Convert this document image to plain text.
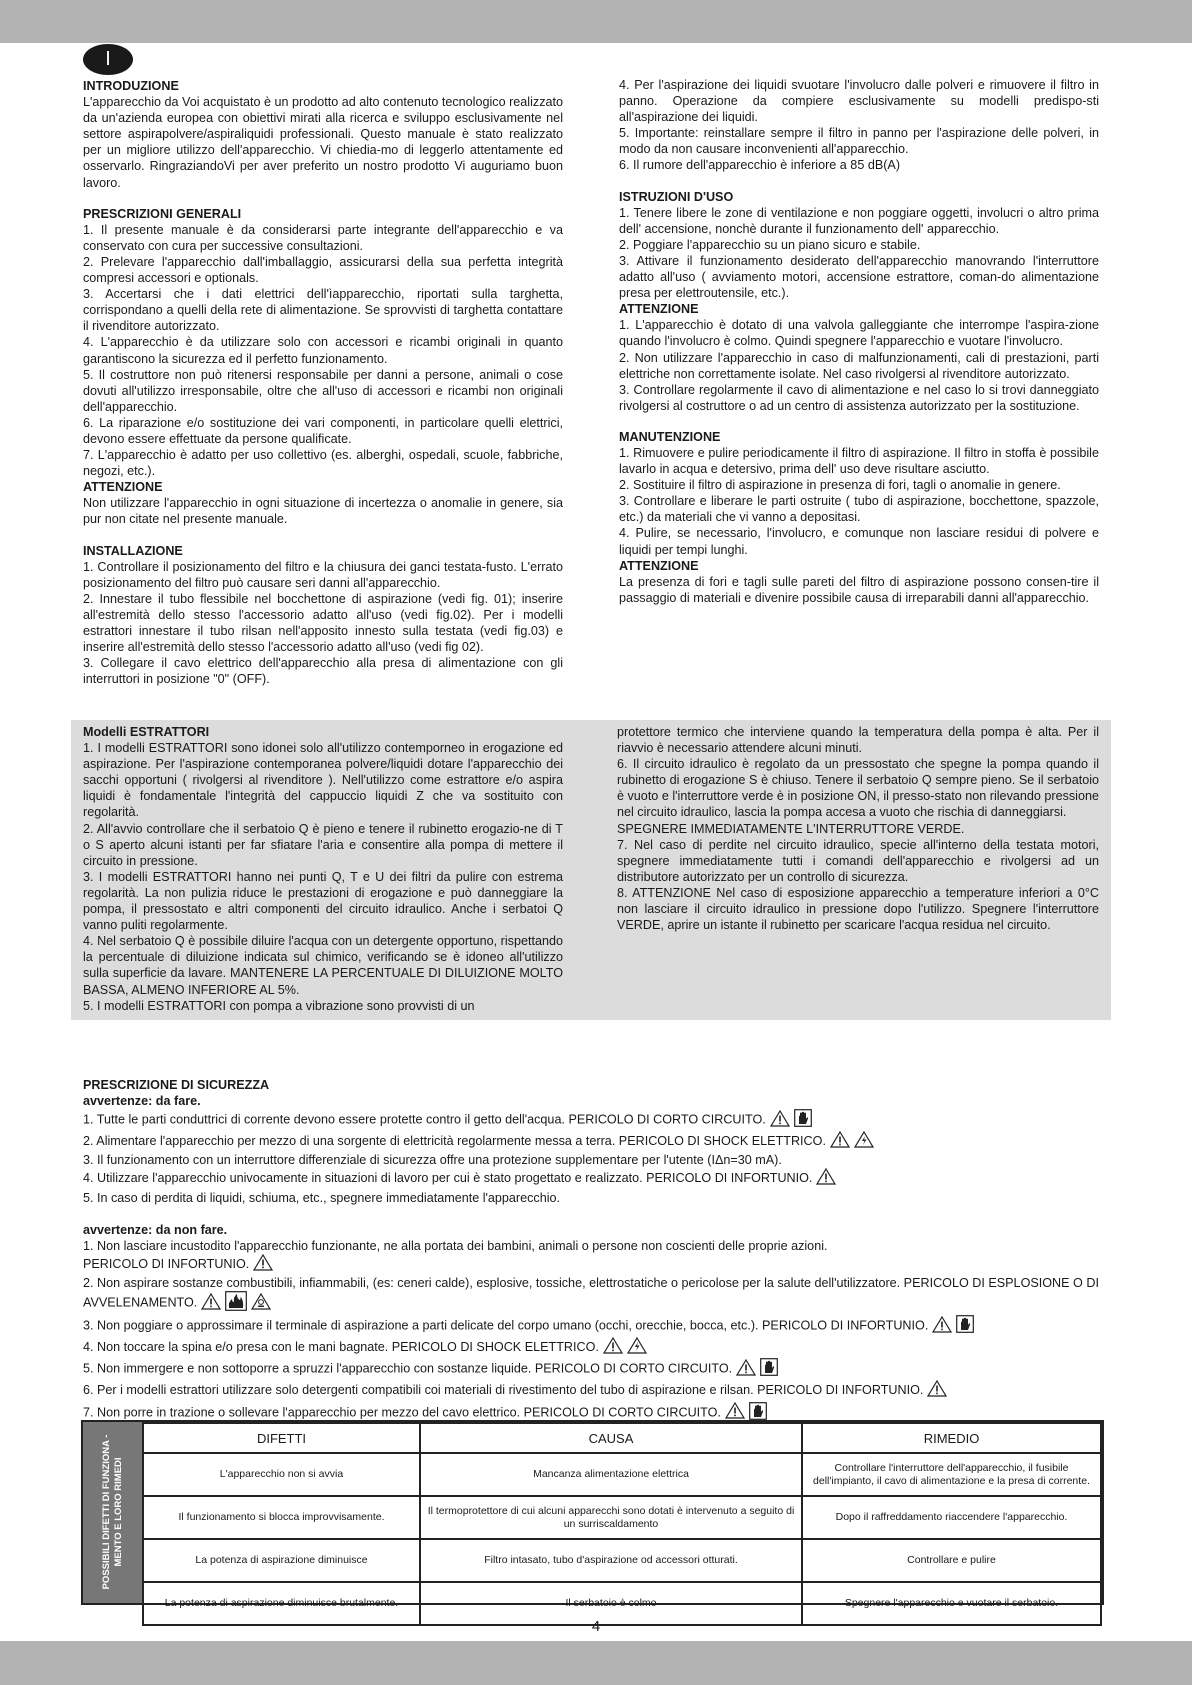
I
INTRODUZIONE

L'apparecchio da Voi acquistato è un prodotto ad alto contenuto tecnologico realizzato da un'azienda europea con obiettivi mirati alla ricerca e sviluppo esclusivamente nel settore aspirapolvere/aspiraliquidi professionali. Questo manuale è stato realizzato per un migliore utilizzo dell'apparecchio. Vi chiedia-mo di leggerlo attentamente ed osservarlo. RingraziandoVi per aver preferito un nostro prodotto Vi auguriamo buon lavoro.

PRESCRIZIONI GENERALI

1. Il presente manuale è da considerarsi parte integrante dell'apparecchio e va conservato con cura per successive consultazioni.

2. Prelevare l'apparecchio dall'imballaggio, assicurarsi della sua perfetta integrità compresi accessori e optionals.

3. Accertarsi che i dati elettrici dell'ìapparecchio, riportati sulla targhetta, corrispondano a quelli della rete di alimentazione. Se sprovvisti di targhetta contattare il rivenditore autorizzato.

4. L'apparecchio è da utilizzare solo con accessori e ricambi originali in quanto garantiscono la sicurezza ed il perfetto funzionamento.

5. Il costruttore non può ritenersi responsabile per danni a persone, animali o cose dovuti all'utilizzo irresponsabile, oltre che all'uso di accessori e ricambi non originali dell'apparecchio.

6. La riparazione e/o sostituzione dei vari componenti, in particolare quelli elettrici, devono essere effettuate da persone qualificate.

7. L'apparecchio è adatto per uso collettivo (es. alberghi, ospedali, scuole, fabbriche, negozi, etc.).

ATTENZIONE

Non utilizzare l'apparecchio in ogni situazione di incertezza o anomalie in genere, sia pur non citate nel presente manuale.

INSTALLAZIONE

1. Controllare il posizionamento del filtro e la chiusura dei ganci testata-fusto. L'errato posizionamento del filtro può causare seri danni all'apparecchio.

2. Innestare il tubo flessibile nel bocchettone di aspirazione (vedi fig. 01); inserire all'estremità dello stesso l'accessorio adatto all'uso (vedi fig.02). Per i modelli estrattori innestare il tubo rilsan nell'apposito innesto sulla testata (vedi fig.03) e inserire all'estremità dello stesso l'accessorio adatto all'uso (vedi fig 02).

3. Collegare il cavo elettrico dell'apparecchio alla presa di alimentazione con gli interruttori in posizione "0" (OFF).

4. Per l'aspirazione dei liquidi svuotare l'involucro dalle polveri e rimuovere il filtro in panno. Operazione da compiere esclusivamente su modelli predispo-sti all'aspirazione dei liquidi.

5. Importante: reinstallare sempre il filtro in panno per l'aspirazione delle polveri, in modo da non causare inconvenienti all'apparecchio.

6. Il rumore dell'apparecchio è inferiore a 85 dB(A)

ISTRUZIONI D'USO

1. Tenere libere le zone di ventilazione e non poggiare oggetti, involucri o altro prima dell' accensione, nonchè durante il funzionamento dell' apparecchio.

2. Poggiare l'apparecchio su un piano sicuro e stabile.

3. Attivare il funzionamento desiderato dell'apparecchio manovrando l'interruttore adatto all'uso ( avviamento motori, accensione estrattore, coman-do alimentazione presa per elettroutensile, etc.).

ATTENZIONE

1. L'apparecchio è dotato di una valvola galleggiante che interrompe l'aspira-zione quando l'involucro è colmo. Quindi spegnere l'apparecchio e vuotare l'involucro.

2. Non utilizzare l'apparecchio in caso di malfunzionamenti, cali di prestazioni, parti elettriche non correttamente isolate. Nel caso rivolgersi al rivenditore autorizzato.

3. Controllare regolarmente il cavo di alimentazione e nel caso lo si trovi danneggiato rivolgersi al costruttore o ad un centro di assistenza autorizzato per la sostituzione.

MANUTENZIONE

1. Rimuovere e pulire periodicamente il filtro di aspirazione. Il filtro in stoffa è possibile lavarlo in acqua e detersivo, prima dell' uso deve risultare asciutto.

2. Sostituire il filtro di aspirazione in presenza di fori, tagli o anomalie in genere.

3. Controllare e liberare le parti ostruite ( tubo di aspirazione, bocchettone, spazzole, etc.) da materiali che vi vanno a depositasi.

4. Pulire, se necessario, l'involucro, e comunque non lasciare residui di polvere e liquidi per tempi lunghi.

ATTENZIONE

La presenza di fori e tagli sulle pareti del filtro di aspirazione possono consen-tire il passaggio di materiali e divenire possibile causa di irreparabili danni all'apparecchio.

Modelli ESTRATTORI

1. I modelli ESTRATTORI sono idonei solo all'utilizzo contemporneo in erogazione ed aspirazione. Per l'aspirazione contemporanea polvere/liquidi dotare l'apparecchio dei sacchi opportuni ( rivolgersi al rivenditore ). Nell'utilizzo come estrattore e/o aspira liquidi è fondamentale l'integrità del cappuccio liquidi Z che va sostituito con regolarità.

2. All'avvio controllare che il serbatoio Q è pieno e tenere il rubinetto erogazio-ne di T o S aperto alcuni istanti per far sfiatare l'aria e consentire alla pompa di mettere il circuito in pressione.

3. I modelli ESTRATTORI hanno nei punti Q, T e U dei filtri da pulire con estrema regolarità. La non pulizia riduce le prestazioni di erogazione e può danneggiare la pompa, il pressostato e altri componenti del circuito idraulico. Anche i serbatoi Q vanno puliti regolarmente.

4. Nel serbatoio Q è possibile diluire l'acqua con un detergente opportuno, rispettando la percentuale di diluizione indicata sul chimico, verificando se è idoneo all'utilizzo sulla superficie da lavare. MANTENERE LA PERCENTUALE DI DILUIZIONE MOLTO BASSA, ALMENO INFERIORE AL 5%.

5. I modelli ESTRATTORI con pompa a vibrazione sono provvisti di un

protettore termico che interviene quando la temperatura della pompa è alta. Per il riavvio è necessario attendere alcuni minuti.

6. Il circuito idraulico è regolato da un pressostato che spegne la pompa quando il rubinetto di erogazione S è chiuso. Tenere il serbatoio Q sempre pieno. Se il serbatoio è vuoto e l'interruttore verde è in posizione ON, il presso-stato non rilevando pressione nel circuito idraulico, lascia la pompa accesa a vuoto che rischia di danneggiarsi.

SPEGNERE IMMEDIATAMENTE L'INTERRUTTORE VERDE.

7. Nel caso di perdite nel circuito idraulico, specie all'interno della testata motori, spegnere immediatamente tutti i comandi dell'apparecchio e rivolgersi ad un distributore autorizzato per un controllo di sicurezza.

8. ATTENZIONE Nel caso di esposizione apparecchio a temperature inferiori a 0°C non lasciare il circuito idraulico in pressione dopo l'utilizzo. Spegnere l'interruttore VERDE, aprire un istante il rubinetto per scaricare l'acqua residua nel circuito.

PRESCRIZIONE DI SICUREZZA
avvertenze: da fare.

1. Tutte le parti conduttrici di corrente devono essere protette contro il getto dell'acqua. PERICOLO DI CORTO CIRCUITO.

2. Alimentare l'apparecchio per mezzo di una sorgente di elettricità regolarmente messa a terra. PERICOLO DI SHOCK ELETTRICO.

3. Il funzionamento con un interruttore differenziale di sicurezza offre una protezione supplementare per l'utente (IΔn=30 mA).

4. Utilizzare l'apparecchio univocamente in situazioni di lavoro per cui è stato progettato e realizzato. PERICOLO DI INFORTUNIO.

5. In caso di perdita di liquidi, schiuma, etc., spegnere immediatamente l'apparecchio.

avvertenze: da non fare.

1. Non lasciare incustodito l'apparecchio funzionante, ne alla portata dei bambini, animali o persone non coscienti delle proprie azioni.

PERICOLO DI INFORTUNIO.

2. Non aspirare sostanze combustibili, infiammabili, (es: ceneri calde), esplosive, tossiche, elettrostatiche o pericolose per la salute dell'utilizzatore. PERICOLO DI ESPLOSIONE O DI AVVELENAMENTO.

3. Non poggiare o approssimare il terminale di aspirazione a parti delicate del corpo umano (occhi, orecchie, bocca, etc.). PERICOLO DI INFORTUNIO.

4. Non toccare la spina e/o presa con le mani bagnate. PERICOLO DI SHOCK ELETTRICO.

5. Non immergere e non sottoporre a spruzzi l'apparecchio con sostanze liquide. PERICOLO DI CORTO CIRCUITO.

6. Per i modelli estrattori utilizzare solo detergenti compatibili coi materiali di rivestimento del tubo di aspirazione e rilsan. PERICOLO DI INFORTUNIO.

7. Non porre in trazione o sollevare l'apparecchio per mezzo del cavo elettrico. PERICOLO DI CORTO CIRCUITO.

POSSIBILI DIFETTI DI FUNZIONA - MENTO E LORO RIMEDI
DIFETTI	CAUSA	RIMEDIO
L'apparecchio non si avvia	Mancanza alimentazione elettrica	Controllare l'interruttore dell'apparecchio, il fusibile dell'impianto, il cavo di alimentazione e la presa di corrente.
Il funzionamento si blocca improvvisamente.	Il termoprotettore di cui alcuni apparecchi sono dotati è intervenuto a seguito di un surriscaldamento	Dopo il raffreddamento riaccendere l'apparecchio.
La potenza di aspirazione diminuisce	Filtro intasato, tubo d'aspirazione od accessori otturati.	Controllare e pulire
La potenza di aspirazione diminuisce brutalmente.	Il serbatoio è colmo	Spegnere l'apparecchio e vuotare il serbatoio.
4
